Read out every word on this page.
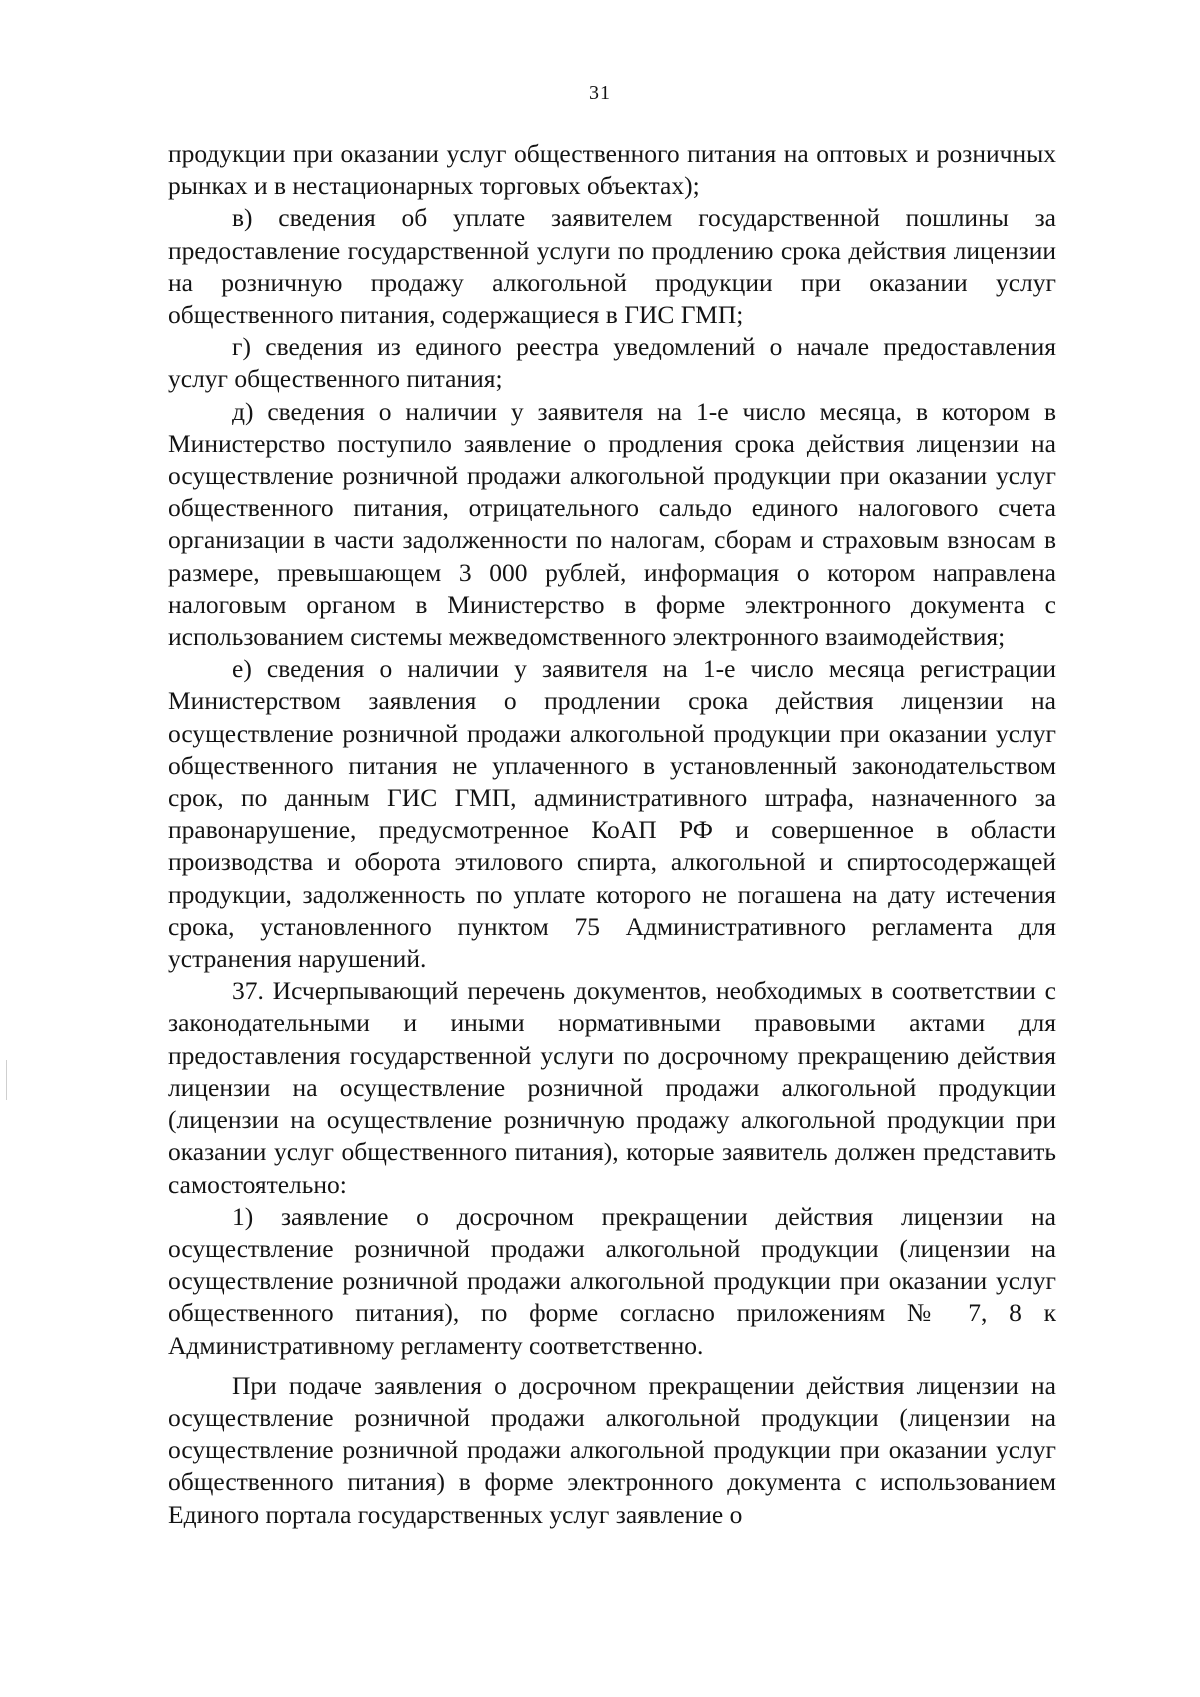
31

продукции при оказании услуг общественного питания на оптовых и розничных рынках и в нестационарных торговых объектах);

в) сведения об уплате заявителем государственной пошлины за предоставление государственной услуги по продлению срока действия лицензии на розничную продажу алкогольной продукции при оказании услуг общественного питания, содержащиеся в ГИС ГМП;

г) сведения из единого реестра уведомлений о начале предоставления услуг общественного питания;

д) сведения о наличии у заявителя на 1-е число месяца, в котором в Министерство поступило заявление о продления срока действия лицензии на осуществление розничной продажи алкогольной продукции при оказании услуг общественного питания, отрицательного сальдо единого налогового счета организации в части задолженности по налогам, сборам и страховым взносам в размере, превышающем 3 000 рублей, информация о котором направлена налоговым органом в Министерство в форме электронного документа с использованием системы межведомственного электронного взаимодействия;

е) сведения о наличии у заявителя на 1-е число месяца регистрации Министерством заявления о продлении срока действия лицензии на осуществление розничной продажи алкогольной продукции при оказании услуг общественного питания не уплаченного в установленный законодательством срок, по данным ГИС ГМП, административного штрафа, назначенного за правонарушение, предусмотренное КоАП РФ и совершенное в области производства и оборота этилового спирта, алкогольной и спиртосодержащей продукции, задолженность по уплате которого не погашена на дату истечения срока, установленного пунктом 75 Административного регламента для устранения нарушений.

37. Исчерпывающий перечень документов, необходимых в соответствии с законодательными и иными нормативными правовыми актами для предоставления государственной услуги по досрочному прекращению действия лицензии на осуществление розничной продажи алкогольной продукции (лицензии на осуществление розничную продажу алкогольной продукции при оказании услуг общественного питания), которые заявитель должен представить самостоятельно:

1) заявление о досрочном прекращении действия лицензии на осуществление розничной продажи алкогольной продукции (лицензии на осуществление розничной продажи алкогольной продукции при оказании услуг общественного питания), по форме согласно приложениям № 7, 8 к Административному регламенту соответственно.

При подаче заявления о досрочном прекращении действия лицензии на осуществление розничной продажи алкогольной продукции (лицензии на осуществление розничной продажи алкогольной продукции при оказании услуг общественного питания) в форме электронного документа с использованием Единого портала государственных услуг заявление о
